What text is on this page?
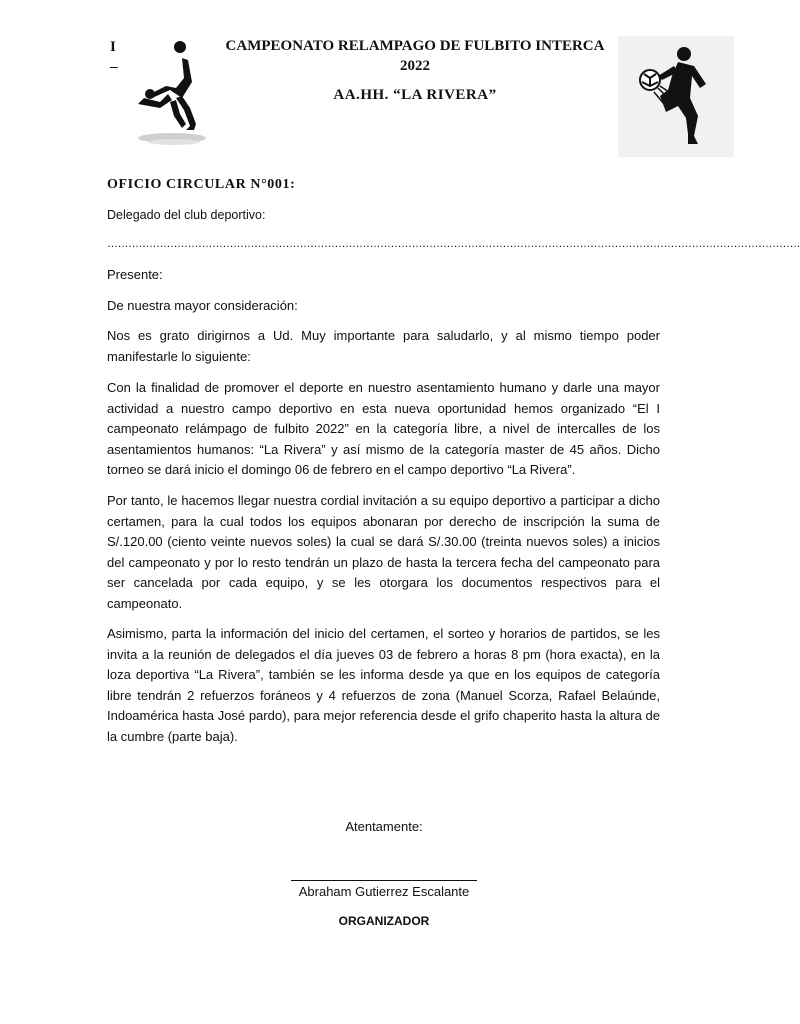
I
–
CAMPEONATO RELAMPAGO DE FULBITO INTERCA
2022
AA.HH. “LA RIVERA”
OFICIO CIRCULAR N°001:
Delegado del club deportivo:
………………………………………………………………………………………………………………………………………………………………………………
Presente:
De nuestra mayor consideración:
Nos es grato dirigirnos a Ud. Muy importante para saludarlo, y al mismo tiempo poder manifestarle lo siguiente:
Con la finalidad de promover el deporte en nuestro asentamiento humano y darle una mayor actividad a nuestro campo deportivo en esta nueva oportunidad hemos organizado “El I campeonato relámpago de fulbito 2022” en la categoría libre, a nivel de intercalles de los asentamientos humanos: “La Rivera” y así mismo de la categoría master de 45 años. Dicho torneo se dará inicio el domingo 06 de febrero en el campo deportivo “La Rivera”.
Por tanto, le hacemos llegar nuestra cordial invitación a su equipo deportivo a participar a dicho certamen, para la cual todos los equipos abonaran por derecho de inscripción la suma de S/.120.00 (ciento veinte nuevos soles) la cual se dará S/.30.00 (treinta nuevos soles) a inicios del campeonato y por lo resto tendrán un plazo de hasta la tercera fecha del campeonato para ser cancelada por cada equipo, y se les otorgara los documentos respectivos para el campeonato.
Asimismo, parta la información del inicio del certamen, el sorteo y horarios de partidos, se les invita a la reunión de delegados el día jueves 03 de febrero a horas 8 pm (hora exacta), en la loza deportiva “La Rivera”, también se les informa desde ya que en los equipos de categoría libre tendrán 2 refuerzos foráneos y 4 refuerzos de zona (Manuel Scorza, Rafael Belaúnde, Indoamérica hasta José pardo), para mejor referencia desde el grifo chaperito hasta la altura de la cumbre (parte baja).
Atentamente:
Abraham Gutierrez Escalante
ORGANIZADOR
